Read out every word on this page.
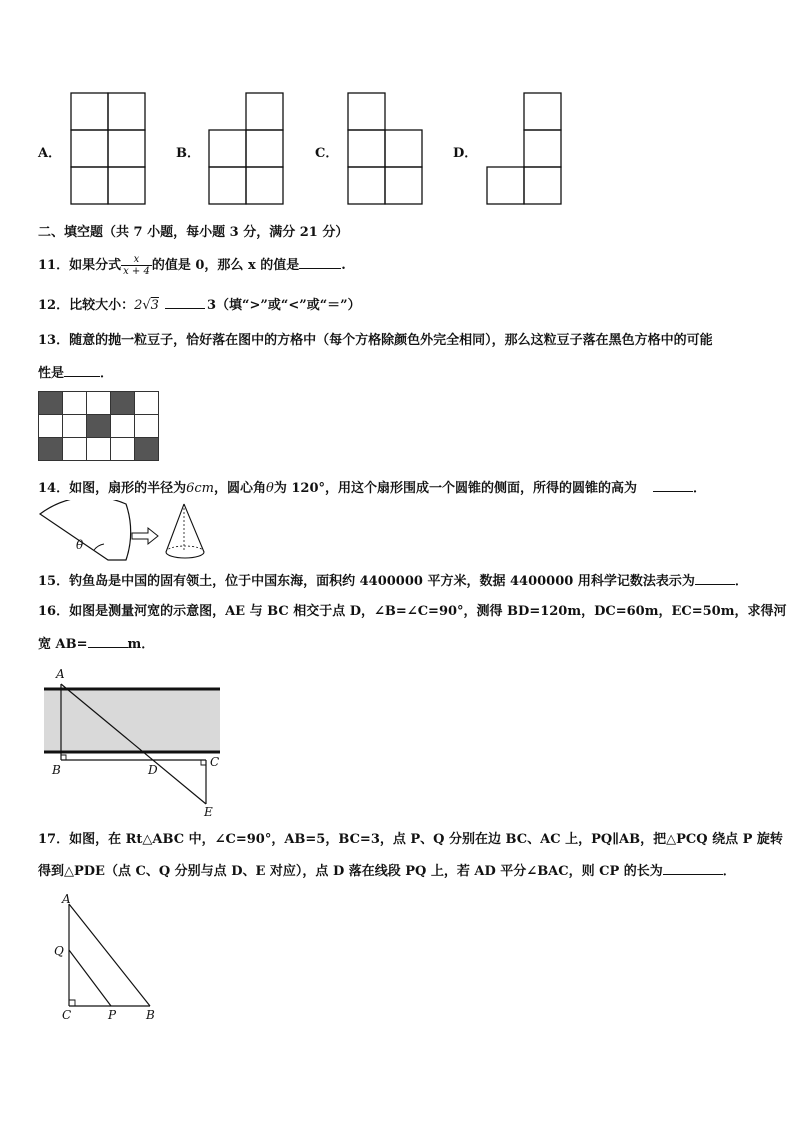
A．	B．	C．	D．
二、填空题（共 7 小题，每小题 3 分，满分 21 分）
11．如果分式 $\frac{x}{x + 4}$ 的值是 0，那么 x 的值是	.
12．比较大小：2√3	3（填“>”或“<”或“＝”）
13．随意的抛一粒豆子，恰好落在图中的方格中（每个方格除颜色外完全相同），那么这粒豆子落在黑色方格中的可能
性是	．

14．如图，扇形的半径为6cm，圆心角θ为 120°，用这个扇形围成一个圆锥的侧面，所得的圆锥的高为	．
θ
15．钓鱼岛是中国的固有领土，位于中国东海，面积约 4400000 平方米，数据 4400000 用科学记数法表示为	．
16．如图是测量河宽的示意图，AE 与 BC 相交于点 D，∠B=∠C=90°，测得 BD=120m，DC=60m，EC=50m，求得河
宽 AB=	m．
A
B	D
C
E
17．如图，在 Rt△ABC 中，∠C=90°，AB=5，BC=3，点 P、Q 分别在边 BC、AC 上，PQ∥AB，把△PCQ 绕点 P 旋转
得到△PDE（点 C、Q 分别与点 D、E 对应），点 D 落在线段 PQ 上，若 AD 平分∠BAC，则 CP 的长为	．
A
Q
C	P B
